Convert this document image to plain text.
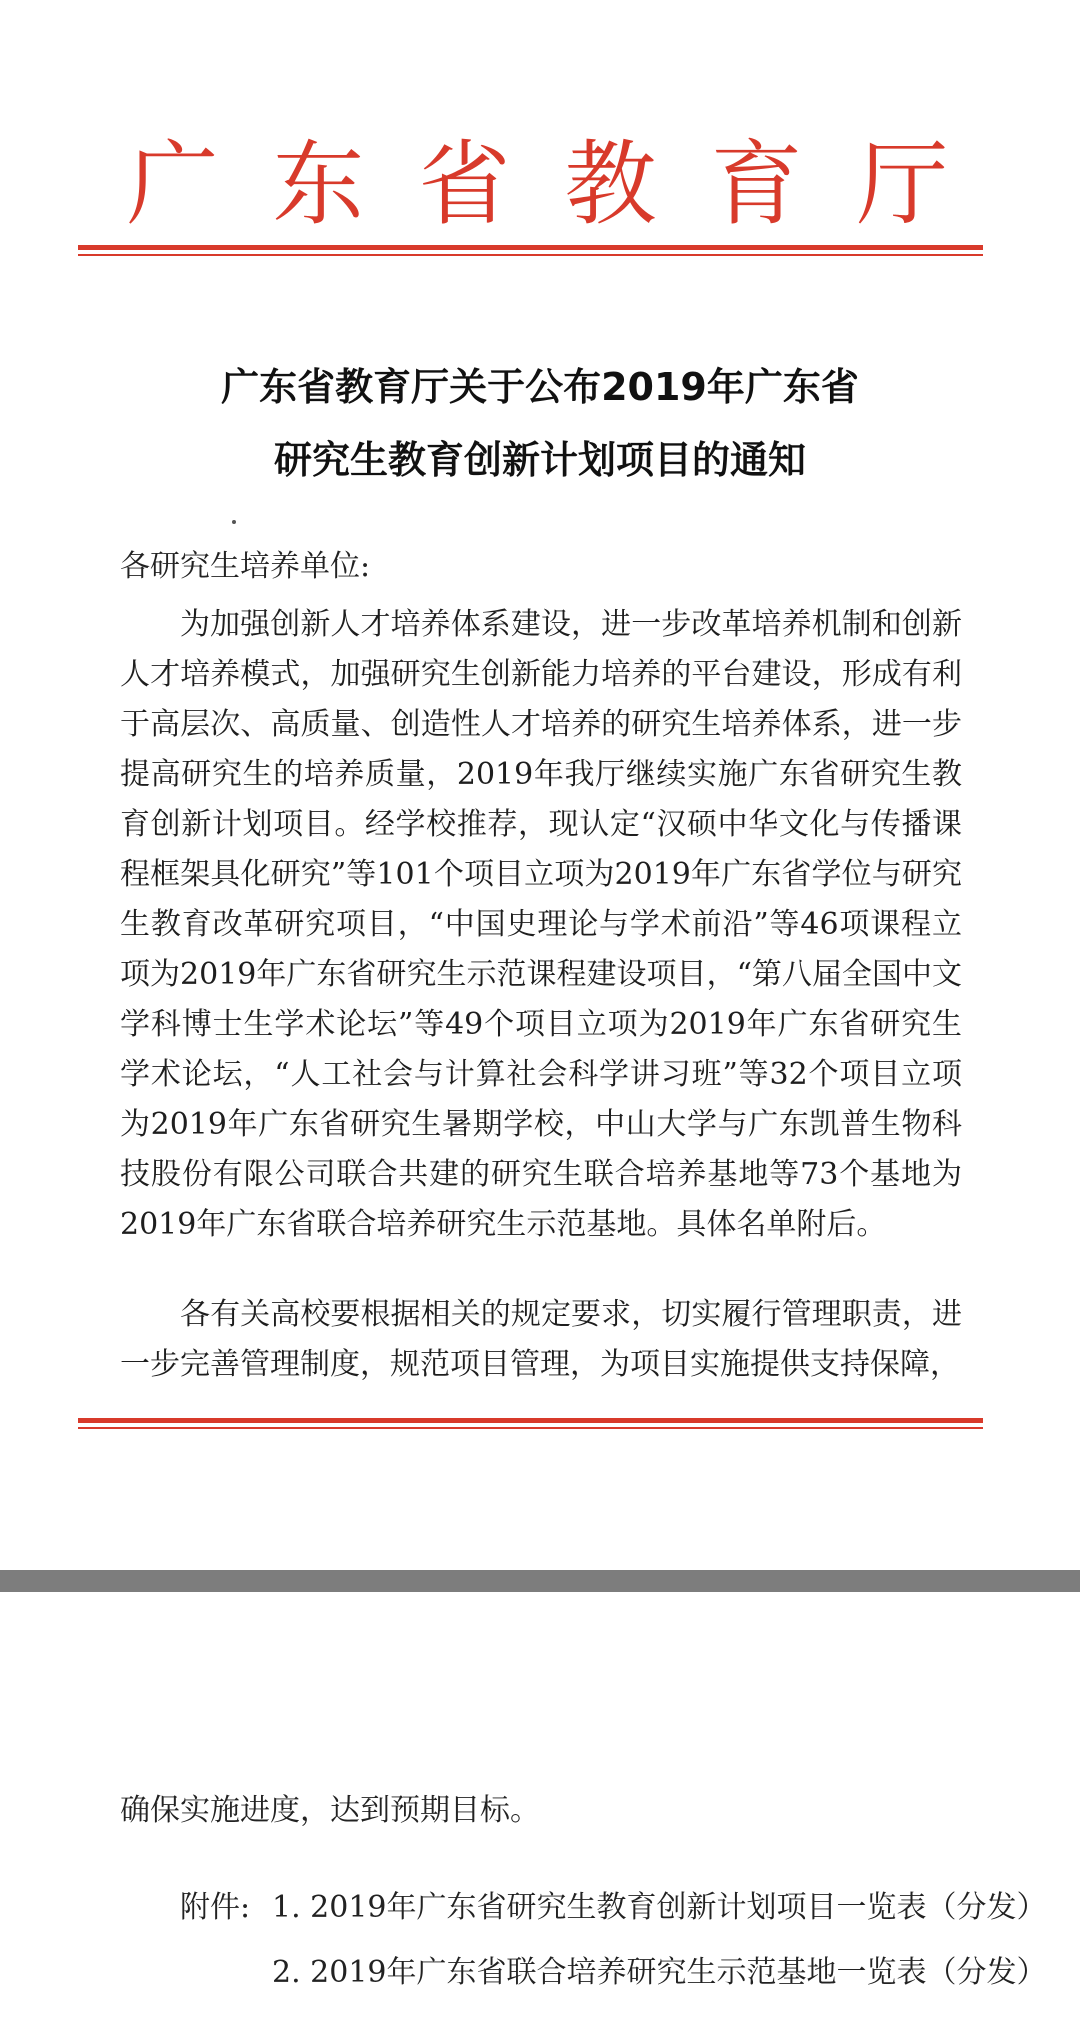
广 东 省 教 育 厅
广东省教育厅关于公布2019年广东省
研究生教育创新计划项目的通知
各研究生培养单位:
为加强创新人才培养体系建设，进一步改革培养机制和创新人才培养模式，加强研究生创新能力培养的平台建设，形成有利于高层次、高质量、创造性人才培养的研究生培养体系，进一步提高研究生的培养质量，2019年我厅继续实施广东省研究生教育创新计划项目。经学校推荐，现认定“汉硕中华文化与传播课程框架具化研究”等101个项目立项为2019年广东省学位与研究生教育改革研究项目，“中国史理论与学术前沿”等46项课程立项为2019年广东省研究生示范课程建设项目，“第八届全国中文学科博士生学术论坛”等49个项目立项为2019年广东省研究生学术论坛，“人工社会与计算社会科学讲习班”等32个项目立项为2019年广东省研究生暑期学校，中山大学与广东凯普生物科技股份有限公司联合共建的研究生联合培养基地等73个基地为2019年广东省联合培养研究生示范基地。具体名单附后。
各有关高校要根据相关的规定要求，切实履行管理职责，进一步完善管理制度，规范项目管理，为项目实施提供支持保障，
确保实施进度，达到预期目标。
附件: 1. 2019年广东省研究生教育创新计划项目一览表（分发）
2. 2019年广东省联合培养研究生示范基地一览表（分发）
